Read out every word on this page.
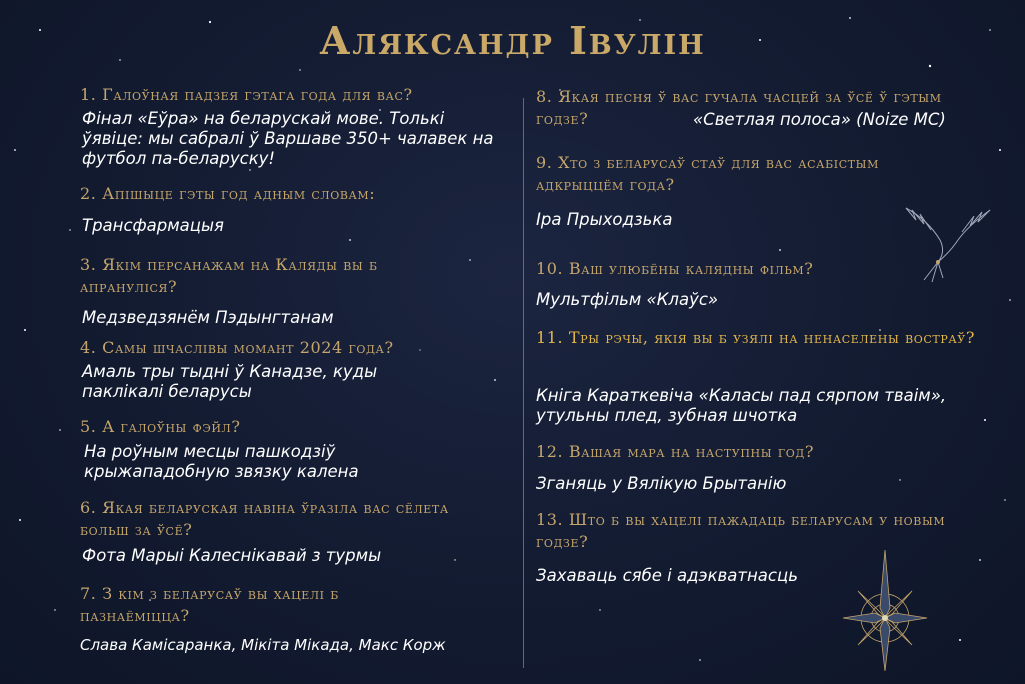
Аляксандр Івулін

1. Галоўная падзея гэтага года для вас?

Фінал «Еўра» на беларускай мове. Толькі ўявіце: мы сабралі ў Варшаве 350+ чалавек на футбол па-беларуску!

2. Апішыце гэты год адным словам:

Трансфармацыя

3. Якім персанажам на Каляды вы б апрануліся?

Медзведзянём Пэдынгтанам

4. Самы шчаслівы момант 2024 года?

Амаль тры тыдні ў Канадзе, куды паклікалі беларусы

5. А галоўны фэйл?

На роўным месцы пашкодзіў крыжападобную звязку калена

6. Якая беларуская навіна ўразіла вас сёлета больш за ўсё?

Фота Марыі Калеснікавай з турмы

7. З кім з беларусаў вы хацелі б пазнаёміцца?

Слава Камісаранка, Мікіта Мікада, Макс Корж

8. Якая песня ў вас гучала часцей за ўсё ў гэтым годзе?	«Светлая полоса» (Noize MC)

9. Хто з беларусаў стаў для вас асабістым адкрыццём года?

Іра Прыходзька

10. Ваш улюбёны калядны фільм?

Мультфільм «Клаўс»

11. Тры рэчы, якія вы б узялі на ненаселены востраў?

Кніга Караткевіча «Каласы пад сярпом тваім», утульны плед, зубная шчотка

12. Вашая мара на наступны год?

Зганяць у Вялікую Брытанію

13. Што б вы хацелі пажадаць беларусам у новым годзе?

Захаваць сябе і адэкватнасць
